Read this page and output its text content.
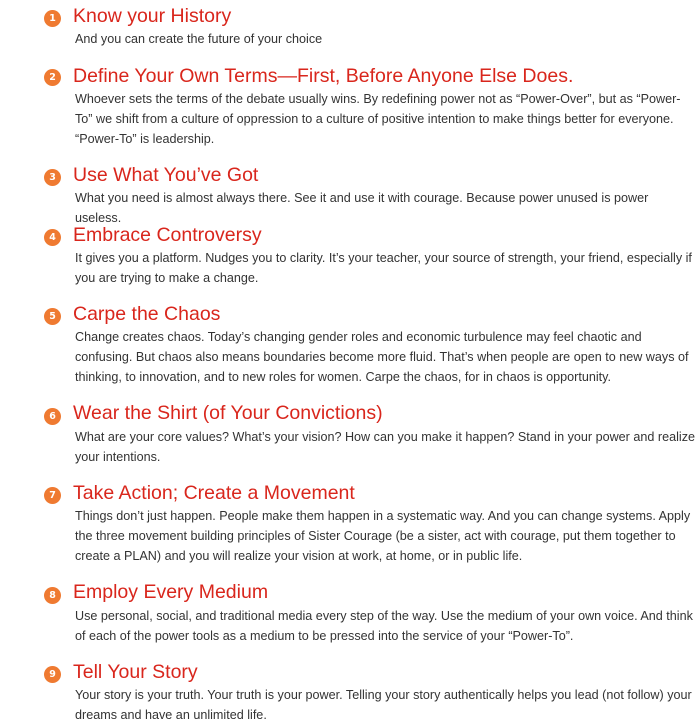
1 Know your History

And you can create the future of your choice

2 Define Your Own Terms—First, Before Anyone Else Does.

Whoever sets the terms of the debate usually wins. By redefining power not as “Power-Over”, but as “Power-To” we shift from a culture of oppression to a culture of positive intention to make things better for everyone. “Power-To” is leadership.

3 Use What You’ve Got

What you need is almost always there. See it and use it with courage. Because power unused is power useless.

4 Embrace Controversy

It gives you a platform. Nudges you to clarity. It’s your teacher, your source of strength, your friend, especially if you are trying to make a change.

5 Carpe the Chaos

Change creates chaos. Today’s changing gender roles and economic turbulence may feel chaotic and confusing. But chaos also means boundaries become more fluid. That’s when people are open to new ways of thinking, to innovation, and to new roles for women. Carpe the chaos, for in chaos is opportunity.

6 Wear the Shirt (of Your Convictions)

What are your core values? What’s your vision? How can you make it happen? Stand in your power and realize your intentions.

7 Take Action; Create a Movement

Things don’t just happen. People make them happen in a systematic way. And you can change systems. Apply the three movement building principles of Sister Courage (be a sister, act with courage, put them together to create a PLAN) and you will realize your vision at work, at home, or in public life.

8 Employ Every Medium

Use personal, social, and traditional media every step of the way. Use the medium of your own voice. And think of each of the power tools as a medium to be pressed into the service of your “Power-To”.

9 Tell Your Story

Your story is your truth. Your truth is your power. Telling your story authentically helps you lead (not follow) your dreams and have an unlimited life.
